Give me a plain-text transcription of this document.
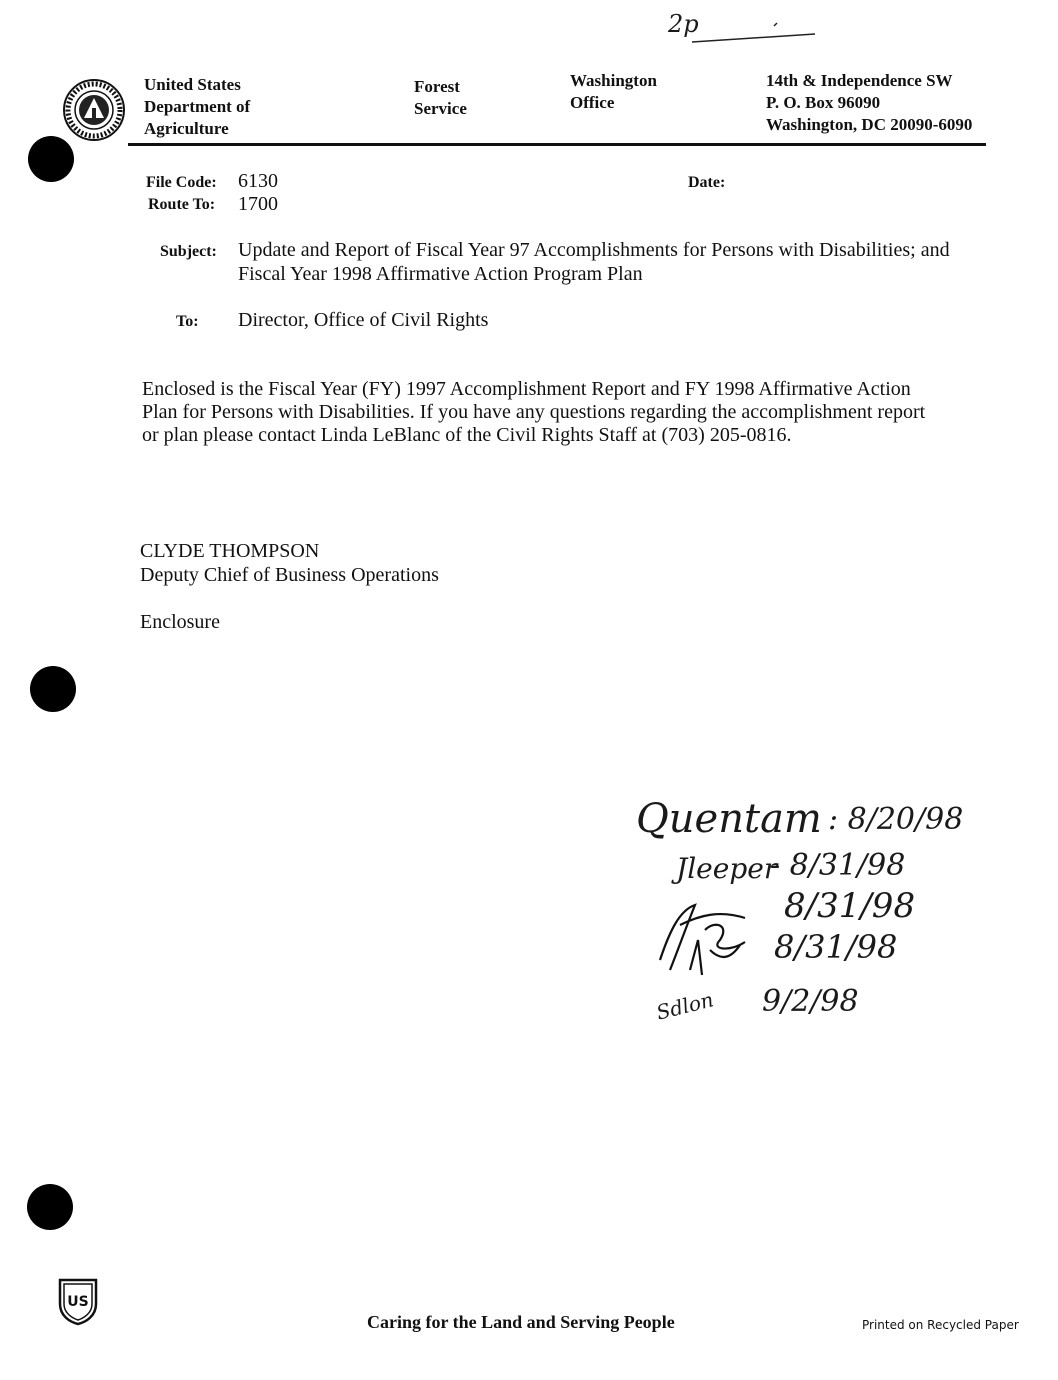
2p
United States
Department of
Agriculture
Forest
Service
Washington
Office
14th & Independence SW
P. O. Box 96090
Washington, DC 20090-6090
File Code: 6130
Route To: 1700
Date:
Subject: Update and Report of Fiscal Year 97 Accomplishments for Persons with Disabilities; and
Fiscal Year 1998 Affirmative Action Program Plan
To: Director, Office of Civil Rights
Enclosed is the Fiscal Year (FY) 1997 Accomplishment Report and FY 1998 Affirmative Action
Plan for Persons with Disabilities. If you have any questions regarding the accomplishment report
or plan please contact Linda LeBlanc of the Civil Rights Staff at (703) 205-0816.
CLYDE THOMPSON
Deputy Chief of Business Operations
Enclosure
Quentam : 8/20/98
Jleeper
- 8/31/98
8/31/98
8/31/98
Sdlon 9/2/98
US
Caring for the Land and Serving People	Printed on Recycled Paper
